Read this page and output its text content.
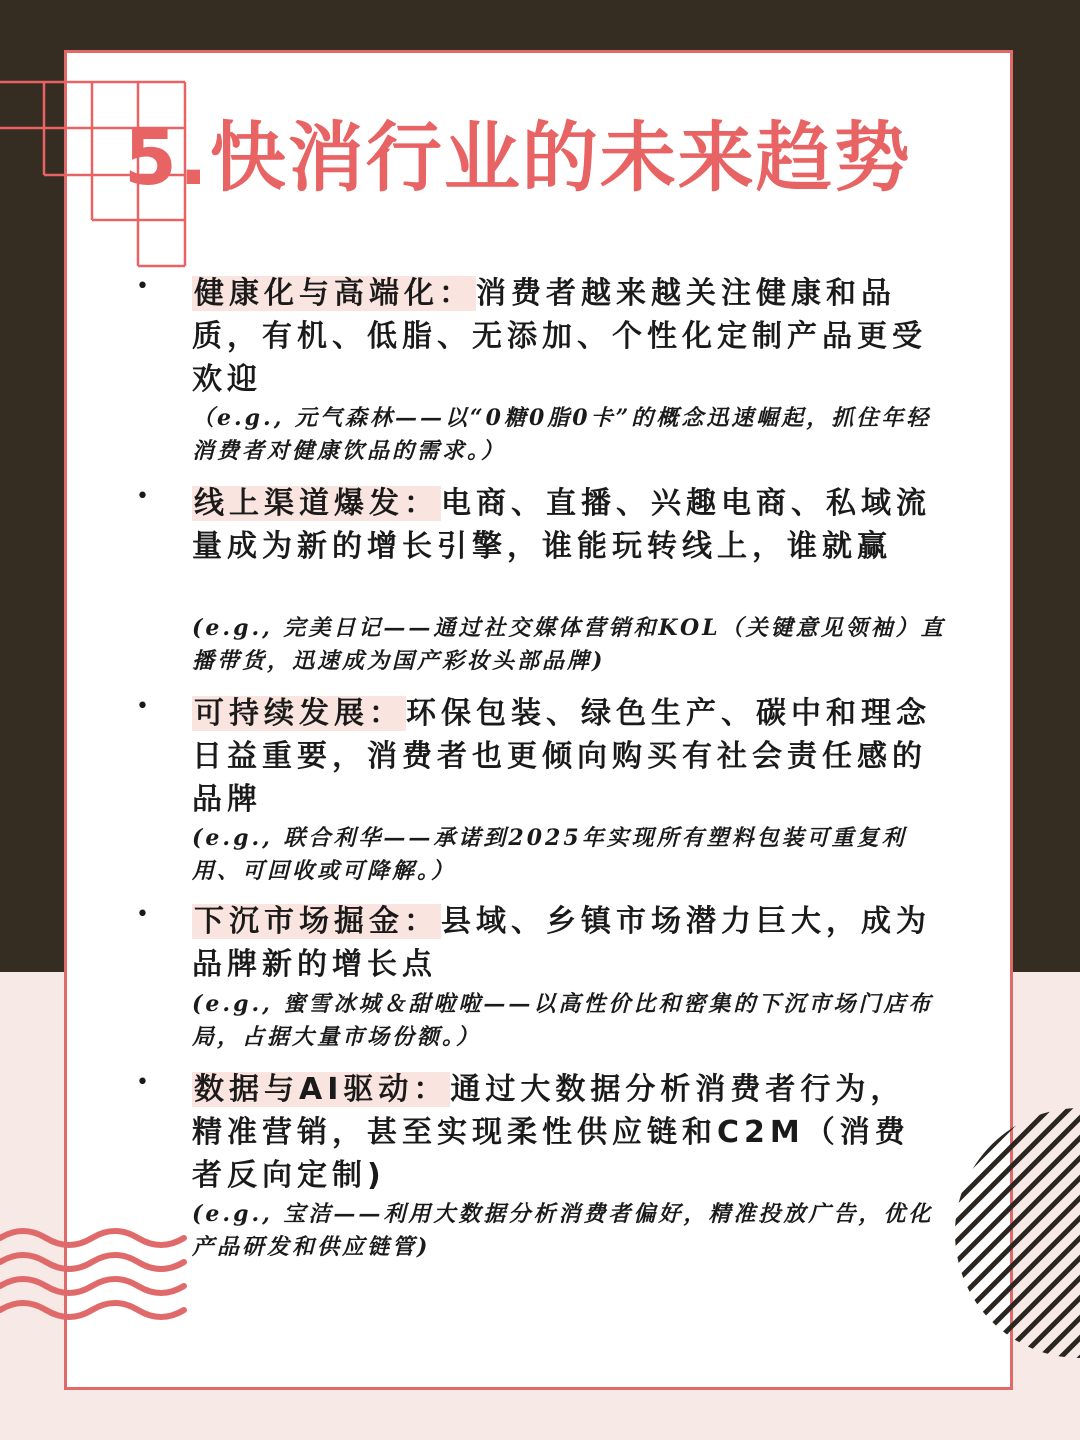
5.快消行业的未来趋势
• 健康化与高端化：消费者越来越关注健康和品质，有机、低脂、无添加、个性化定制产品更受欢迎
（e.g., 元气森林——以“0糖0脂0卡”的概念迅速崛起，抓住年轻消费者对健康饮品的需求。）
• 线上渠道爆发：电商、直播、兴趣电商、私域流量成为新的增长引擎，谁能玩转线上，谁就赢
(e.g., 完美日记——通过社交媒体营销和KOL（关键意见领袖）直播带货，迅速成为国产彩妆头部品牌)
• 可持续发展：环保包装、绿色生产、碳中和理念日益重要，消费者也更倾向购买有社会责任感的品牌
(e.g., 联合利华——承诺到2025年实现所有塑料包装可重复利用、可回收或可降解。）
• 下沉市场掘金：县域、乡镇市场潜力巨大，成为品牌新的增长点
(e.g., 蜜雪冰城＆甜啦啦——以高性价比和密集的下沉市场门店布局，占据大量市场份额。）
• 数据与AI驱动：通过大数据分析消费者行为，精准营销，甚至实现柔性供应链和C2M（消费者反向定制)
(e.g., 宝洁——利用大数据分析消费者偏好，精准投放广告，优化产品研发和供应链管)
